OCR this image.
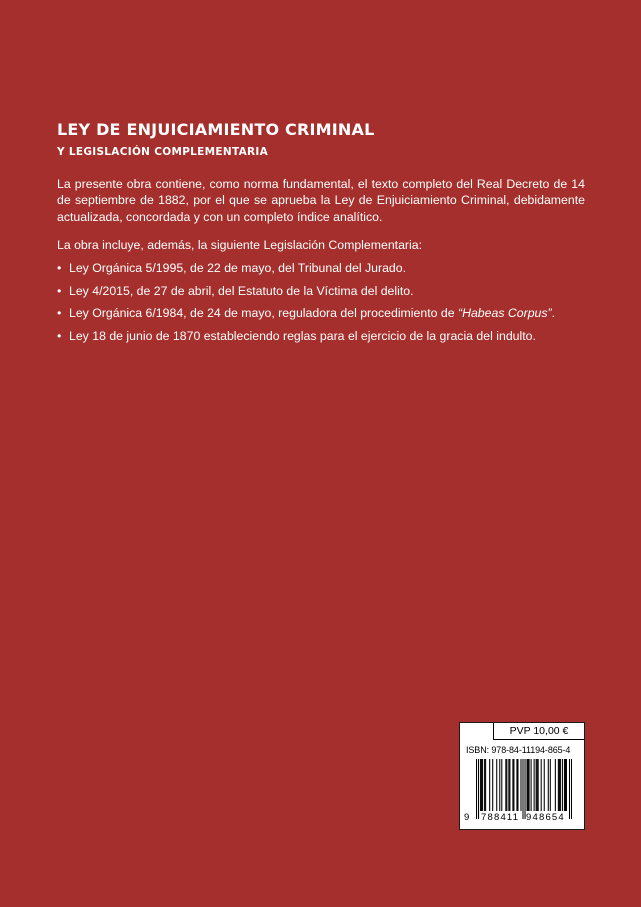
LEY DE ENJUICIAMIENTO CRIMINAL
Y LEGISLACIÓN COMPLEMENTARIA

La presente obra contiene, como norma fundamental, el texto completo del Real Decreto de 14 de septiembre de 1882, por el que se aprueba la Ley de Enjuiciamiento Criminal, debidamente actualizada, concordada y con un completo índice analítico.

La obra incluye, además, la siguiente Legislación Complementaria:

• Ley Orgánica 5/1995, de 22 de mayo, del Tribunal del Jurado.
• Ley 4/2015, de 27 de abril, del Estatuto de la Víctima del delito.
• Ley Orgánica 6/1984, de 24 de mayo, reguladora del procedimiento de “Habeas Corpus”.
• Ley 18 de junio de 1870 estableciendo reglas para el ejercicio de la gracia del indulto.
PVP 10,00 €
ISBN: 978-84-11194-865-4
9 788411 948654
